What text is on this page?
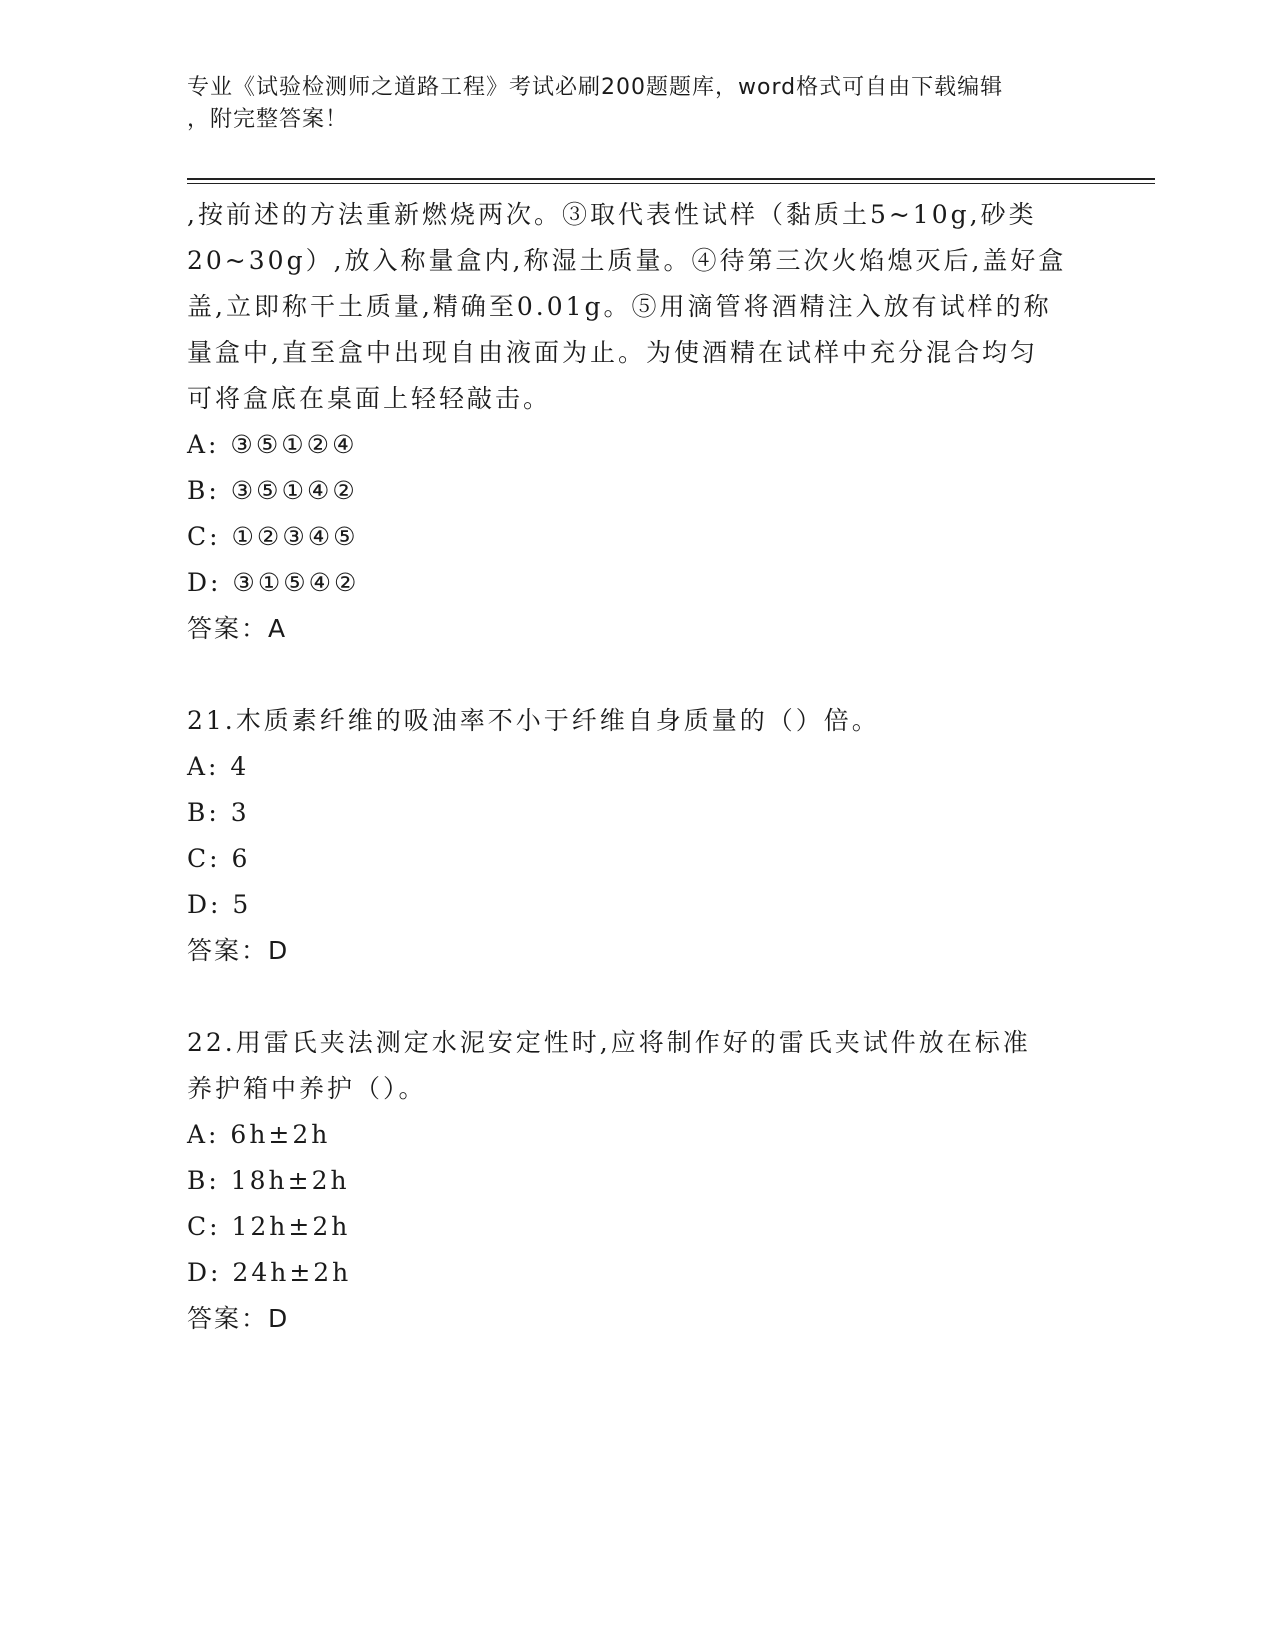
专业《试验检测师之道路工程》考试必刷200题题库，word格式可自由下载编辑
，附完整答案！

,按前述的方法重新燃烧两次。③取代表性试样（黏质土5~10g,砂类

20~30g）,放入称量盒内,称湿土质量。④待第三次火焰熄灭后,盖好盒

盖,立即称干土质量,精确至0.01g。⑤用滴管将酒精注入放有试样的称

量盒中,直至盒中出现自由液面为止。为使酒精在试样中充分混合均匀

可将盒底在桌面上轻轻敲击。

A: ③⑤①②④

B: ③⑤①④②

C: ①②③④⑤

D: ③①⑤④②

答案：A

21.木质素纤维的吸油率不小于纤维自身质量的（）倍。

A: 4

B: 3

C: 6

D: 5

答案：D

22.用雷氏夹法测定水泥安定性时,应将制作好的雷氏夹试件放在标准

养护箱中养护（）。

A: 6h±2h

B: 18h±2h

C: 12h±2h

D: 24h±2h

答案：D
